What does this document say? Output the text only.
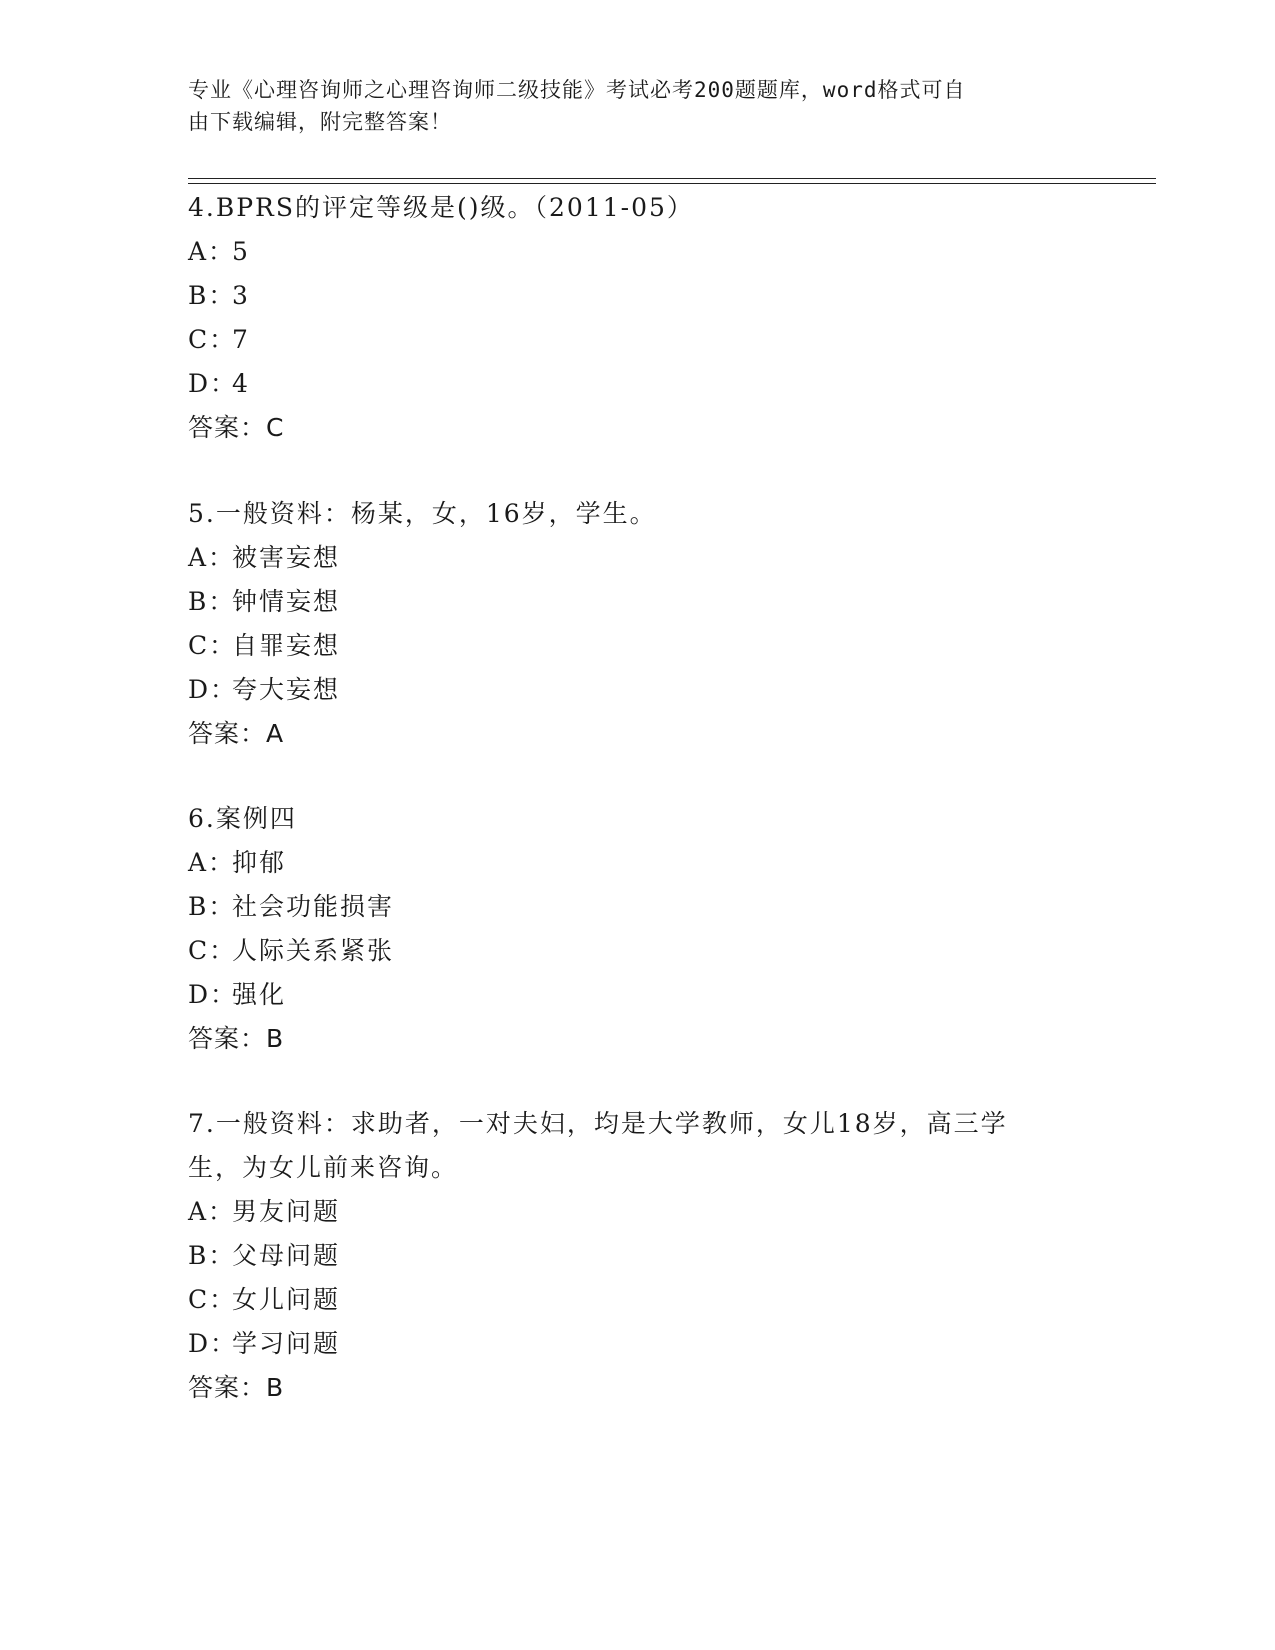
专业《心理咨询师之心理咨询师二级技能》考试必考200题题库，word格式可自
由下载编辑，附完整答案！
4.BPRS的评定等级是()级。（2011-05）
A：5
B：3
C：7
D：4
答案：C
5.一般资料：杨某，女，16岁，学生。
A：被害妄想
B：钟情妄想
C：自罪妄想
D：夸大妄想
答案：A
6.案例四
A：抑郁
B：社会功能损害
C：人际关系紧张
D：强化
答案：B
7.一般资料：求助者，一对夫妇，均是大学教师，女儿18岁，高三学
生，为女儿前来咨询。
A：男友问题
B：父母问题
C：女儿问题
D：学习问题
答案：B
